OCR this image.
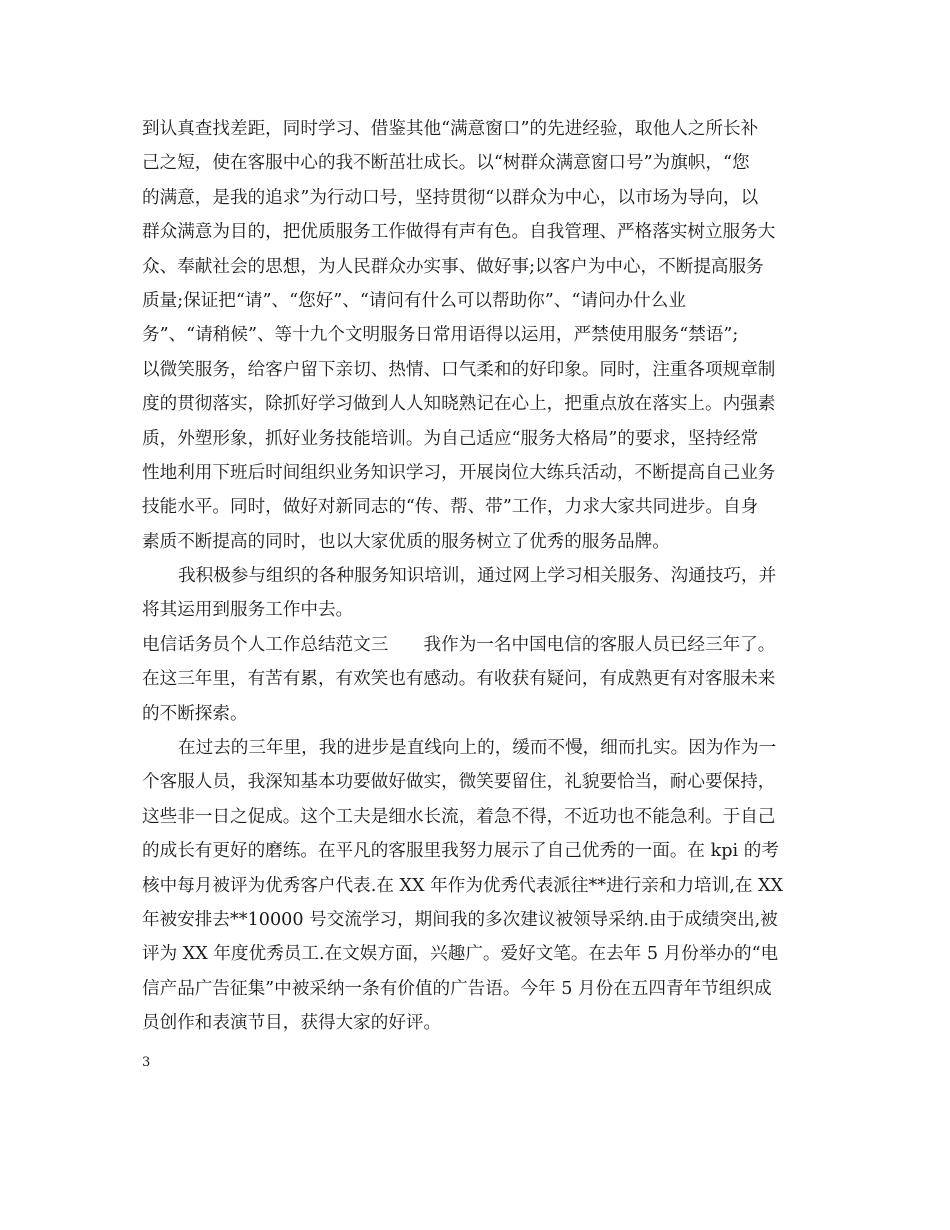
到认真查找差距，同时学习、借鉴其他“满意窗口”的先进经验，取他人之所长补
己之短，使在客服中心的我不断茁壮成长。以“树群众满意窗口号”为旗帜，“您
的满意，是我的追求”为行动口号，坚持贯彻“以群众为中心，以市场为导向，以
群众满意为目的，把优质服务工作做得有声有色。自我管理、严格落实树立服务大
众、奉献社会的思想，为人民群众办实事、做好事;以客户为中心，不断提高服务
质量;保证把“请”、“您好”、“请问有什么可以帮助你”、“请问办什么业
务”、“请稍候”、等十九个文明服务日常用语得以运用，严禁使用服务“禁语”;
以微笑服务，给客户留下亲切、热情、口气柔和的好印象。同时，注重各项规章制
度的贯彻落实，除抓好学习做到人人知晓熟记在心上，把重点放在落实上。内强素
质，外塑形象，抓好业务技能培训。为自己适应“服务大格局”的要求，坚持经常
性地利用下班后时间组织业务知识学习，开展岗位大练兵活动，不断提高自己业务
技能水平。同时，做好对新同志的“传、帮、带”工作，力求大家共同进步。自身
素质不断提高的同时，也以大家优质的服务树立了优秀的服务品牌。
我积极参与组织的各种服务知识培训，通过网上学习相关服务、沟通技巧，并
将其运用到服务工作中去。
电信话务员个人工作总结范文三　　我作为一名中国电信的客服人员已经三年了。
在这三年里，有苦有累，有欢笑也有感动。有收获有疑问，有成熟更有对客服未来
的不断探索。
在过去的三年里，我的进步是直线向上的，缓而不慢，细而扎实。因为作为一
个客服人员，我深知基本功要做好做实，微笑要留住，礼貌要恰当，耐心要保持，
这些非一日之促成。这个工夫是细水长流，着急不得，不近功也不能急利。于自己
的成长有更好的磨练。在平凡的客服里我努力展示了自己优秀的一面。在 kpi 的考
核中每月被评为优秀客户代表.在 XX 年作为优秀代表派往**进行亲和力培训,在 XX
年被安排去**10000 号交流学习，期间我的多次建议被领导采纳.由于成绩突出,被
评为 XX 年度优秀员工.在文娱方面，兴趣广。爱好文笔。在去年 5 月份举办的“电
信产品广告征集”中被采纳一条有价值的广告语。今年 5 月份在五四青年节组织成
员创作和表演节目，获得大家的好评。
3
